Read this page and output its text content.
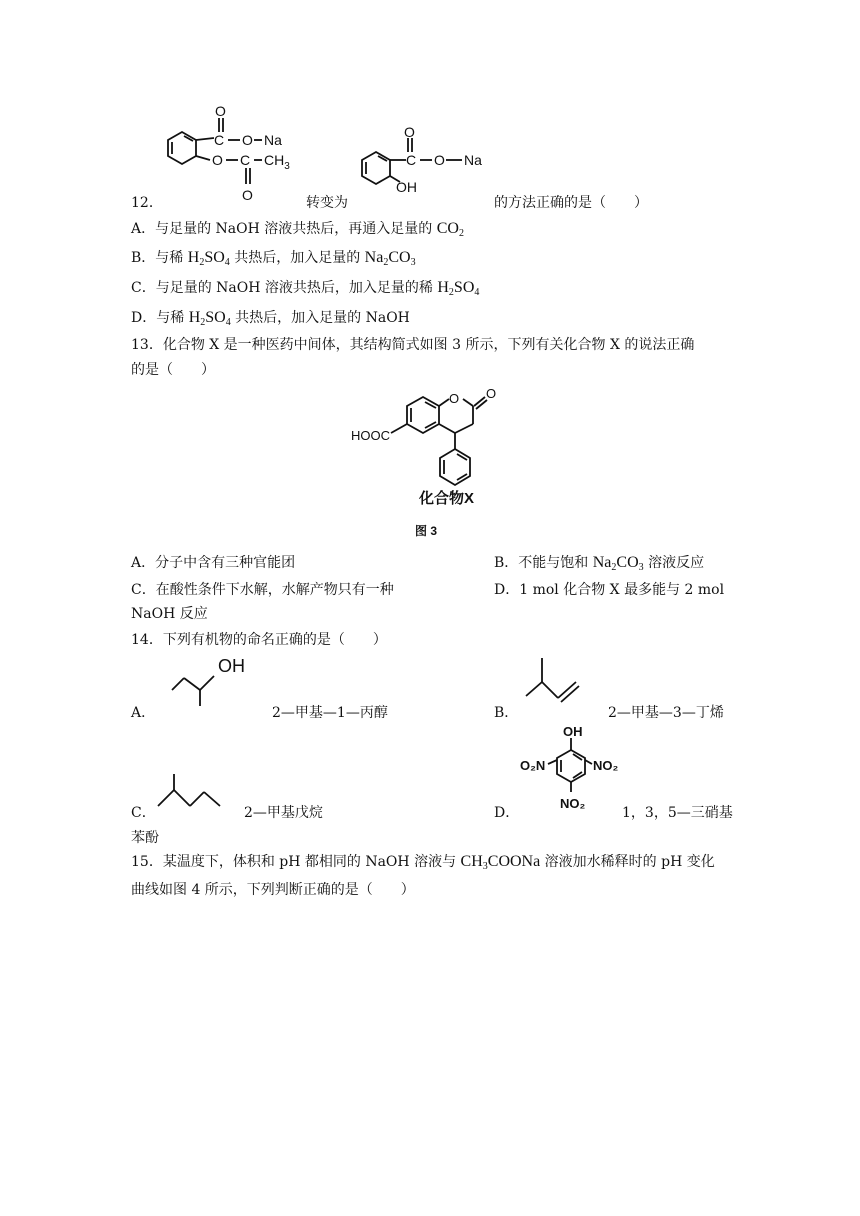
O
C O Na
O C $CH_3$
O
O
C O Na
OH
12．	转变为	的方法正确的是（　　）
A．与足量的 NaOH 溶液共热后，再通入足量的 $CO_2$
B．与稀 $H_2SO_4$ 共热后，加入足量的 $Na_2CO_3$
C．与足量的 NaOH 溶液共热后，加入足量的稀 $H_2SO_4$
D．与稀 $H_2SO_4$ 共热后，加入足量的 NaOH
13．化合物 X 是一种医药中间体，其结构简式如图 3 所示，下列有关化合物 X 的说法正确
的是（　　）
O O
HOOC
化合物X
图 3
A．分子中含有三种官能团	B．不能与饱和 $Na_2CO_3$ 溶液反应
C．在酸性条件下水解，水解产物只有一种	D．1 mol 化合物 X 最多能与 2 mol
NaOH 反应
14．下列有机物的命名正确的是（　　）
OH
A．	2—甲基—1—丙醇	B．	2—甲基—3—丁烯
C．	2—甲基戊烷
OH
O₂N	NO₂
NO₂
D．	1，3，5—三硝基
苯酚
15．某温度下，体积和 pH 都相同的 NaOH 溶液与 $CH_3COONa$ 溶液加水稀释时的 pH 变化
曲线如图 4 所示，下列判断正确的是（　　）
